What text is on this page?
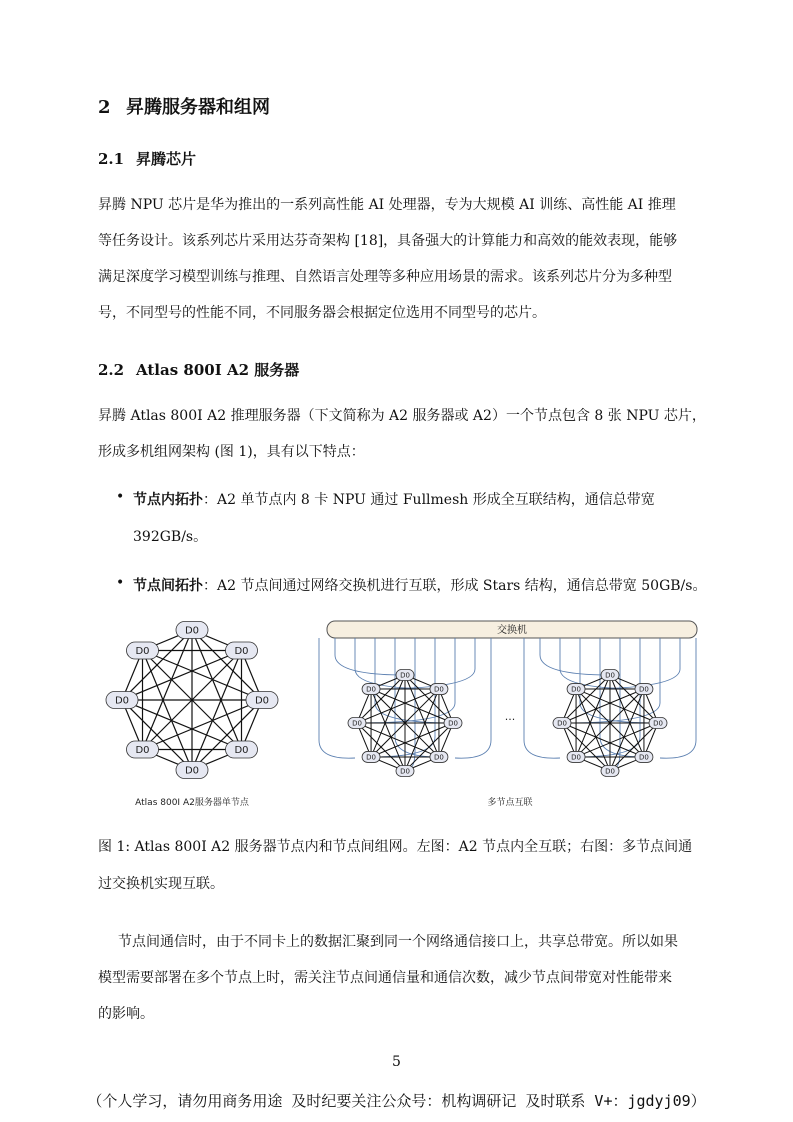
2 昇腾服务器和组网
2.1 昇腾芯片
昇腾 NPU 芯片是华为推出的一系列高性能 AI 处理器，专为大规模 AI 训练、高性能 AI 推理
等任务设计。该系列芯片采用达芬奇架构 [18]，具备强大的计算能力和高效的能效表现，能够
满足深度学习模型训练与推理、自然语言处理等多种应用场景的需求。该系列芯片分为多种型
号，不同型号的性能不同，不同服务器会根据定位选用不同型号的芯片。
2.2 Atlas 800I A2 服务器
昇腾 Atlas 800I A2 推理服务器（下文简称为 A2 服务器或 A2）一个节点包含 8 张 NPU 芯片，
形成多机组网架构 (图 1)，具有以下特点：
• 节点内拓扑：A2 单节点内 8 卡 NPU 通过 Fullmesh 形成全互联结构，通信总带宽
392GB/s。
• 节点间拓扑：A2 节点间通过网络交换机进行互联，形成 Stars 结构，通信总带宽 50GB/s。
D0
D0
D0
D0
D0
D0
D0
D0
交换机
D0
D0
D0
D0
D0
D0
D0
D0
D0
D0
D0
D0
D0
D0
D0
D0
...
Atlas 800I A2服务器单节点	多节点互联
图 1: Atlas 800I A2 服务器节点内和节点间组网。左图：A2 节点内全互联；右图：多节点间通
过交换机实现互联。
节点间通信时，由于不同卡上的数据汇聚到同一个网络通信接口上，共享总带宽。所以如果
模型需要部署在多个节点上时，需关注节点间通信量和通信次数，减少节点间带宽对性能带来
的影响。
5
（个人学习，请勿用商务用途 及时纪要关注公众号：机构调研记 及时联系 V+：jgdyj09）
